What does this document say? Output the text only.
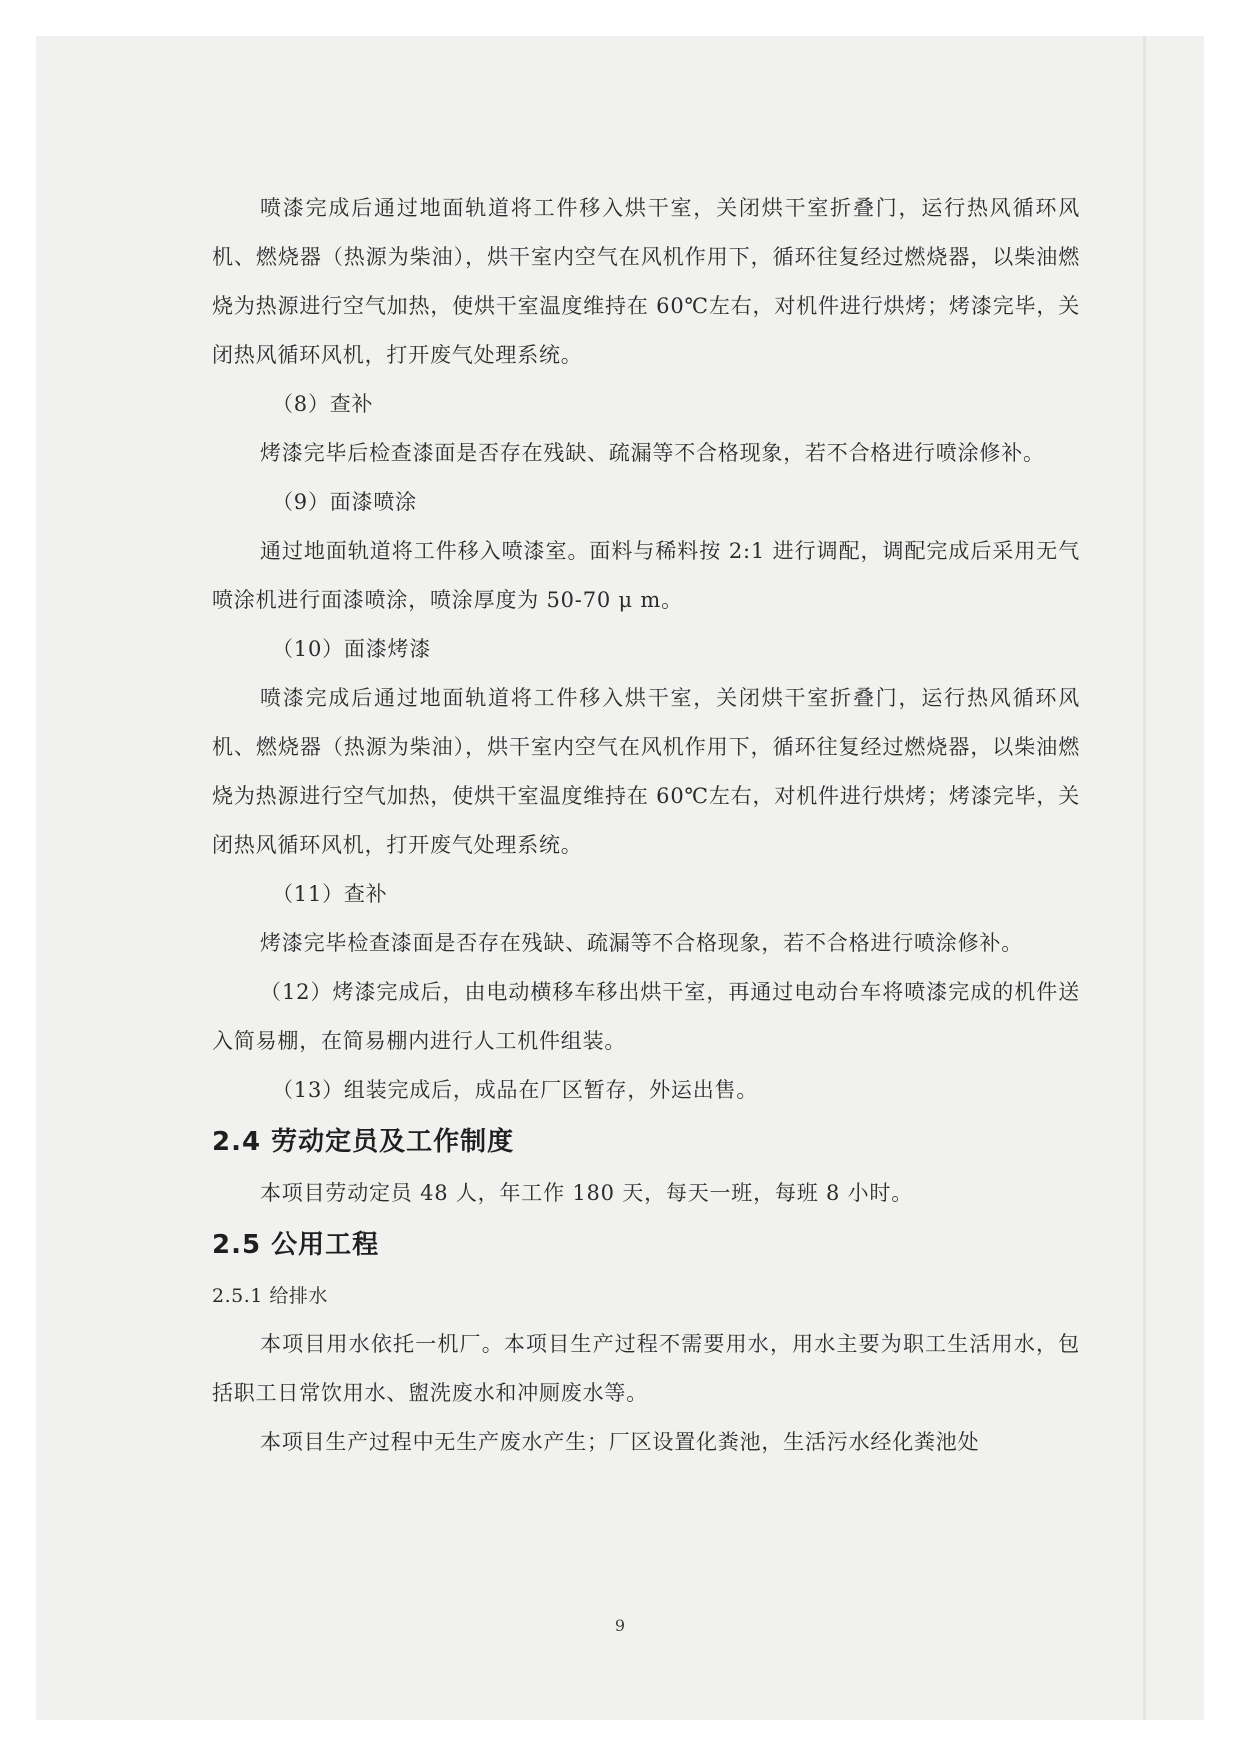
喷漆完成后通过地面轨道将工件移入烘干室，关闭烘干室折叠门，运行热风循环风机、燃烧器（热源为柴油），烘干室内空气在风机作用下，循环往复经过燃烧器，以柴油燃烧为热源进行空气加热，使烘干室温度维持在 60℃左右，对机件进行烘烤；烤漆完毕，关闭热风循环风机，打开废气处理系统。

（8）查补

烤漆完毕后检查漆面是否存在残缺、疏漏等不合格现象，若不合格进行喷涂修补。

（9）面漆喷涂

通过地面轨道将工件移入喷漆室。面料与稀料按 2:1 进行调配，调配完成后采用无气喷涂机进行面漆喷涂，喷涂厚度为 50-70 μ m。

（10）面漆烤漆

喷漆完成后通过地面轨道将工件移入烘干室，关闭烘干室折叠门，运行热风循环风机、燃烧器（热源为柴油），烘干室内空气在风机作用下，循环往复经过燃烧器，以柴油燃烧为热源进行空气加热，使烘干室温度维持在 60℃左右，对机件进行烘烤；烤漆完毕，关闭热风循环风机，打开废气处理系统。

（11）查补

烤漆完毕检查漆面是否存在残缺、疏漏等不合格现象，若不合格进行喷涂修补。

（12）烤漆完成后，由电动横移车移出烘干室，再通过电动台车将喷漆完成的机件送入简易棚，在简易棚内进行人工机件组装。

（13）组装完成后，成品在厂区暂存，外运出售。

2.4 劳动定员及工作制度

本项目劳动定员 48 人，年工作 180 天，每天一班，每班 8 小时。

2.5 公用工程

2.5.1 给排水

本项目用水依托一机厂。本项目生产过程不需要用水，用水主要为职工生活用水，包括职工日常饮用水、盥洗废水和冲厕废水等。

本项目生产过程中无生产废水产生；厂区设置化粪池，生活污水经化粪池处

9
